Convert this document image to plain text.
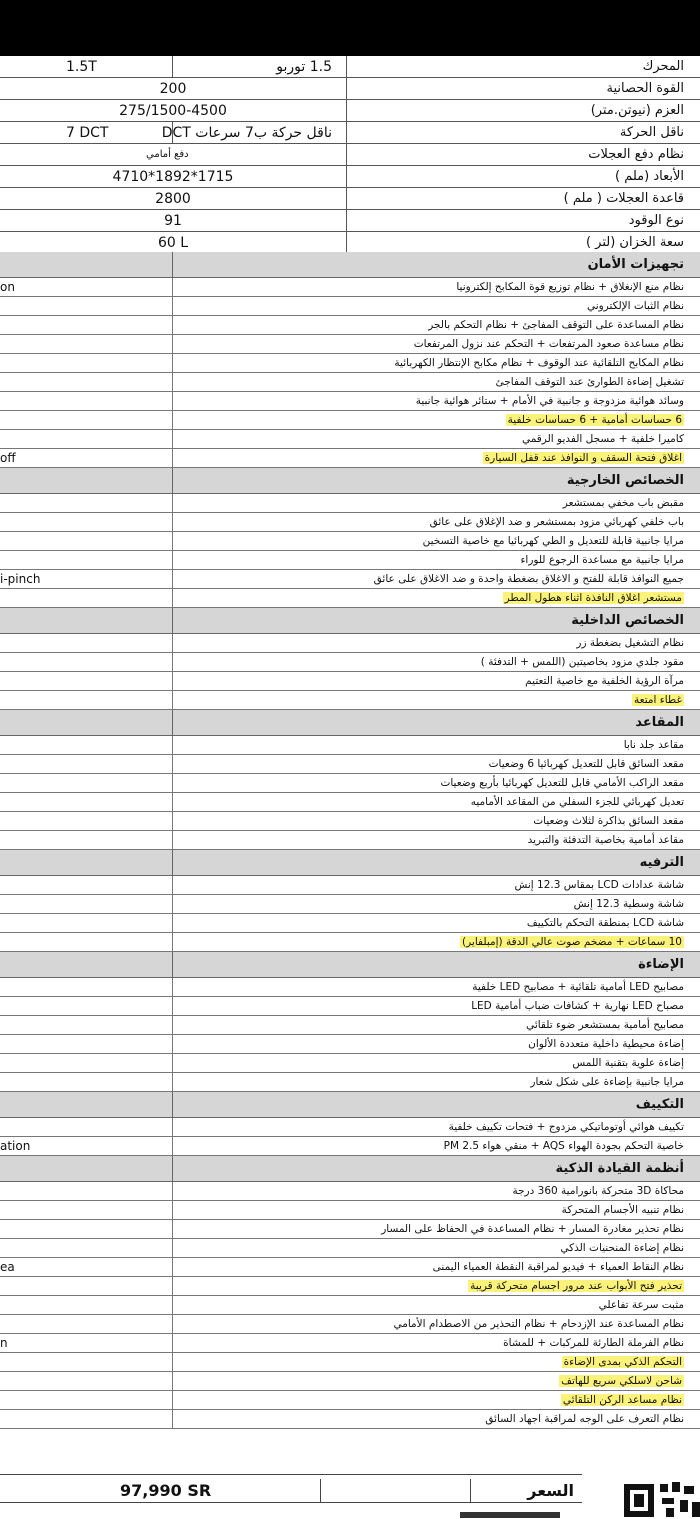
المحرك
1.5 توربو
1.5T
القوة الحصانية
200
العزم (نيوتن.متر)
275/1500-4500
ناقل الحركة
ناقل حركة ب7 سرعات DCT
7 DCT
نظام دفع العجلات
دفع أمامي
الأبعاد (ملم )
4710*1892*1715
قاعدة العجلات ( ملم )
2800
نوع الوقود
91
سعة الخزان (لتر )
60 L
تجهيزات الأمان
نظام منع الإنغلاق + نظام توزيع قوة المكابح إلكترونيا
on
نظام الثبات الإلكتروني
نظام المساعدة على التوقف المفاجئ + نظام التحكم بالجر
نظام مساعدة صعود المرتفعات + التحكم عند نزول المرتفعات
نظام المكابح التلقائية عند الوقوف + نظام مكابح الإنتظار الكهربائية
تشغيل إضاءة الطوارئ عند التوقف المفاجئ
وسائد هوائية مزدوجة و جانبية في الأمام + ستائر هوائية جانبية
6 حساسات أمامية + 6 حساسات خلفية
كاميرا خلفية + مسجل الفديو الرقمي
اغلاق فتحة السقف و النوافذ عند قفل السيارة
off
الخصائص الخارجية
مقبض باب مخفي بمستشعر
باب خلفي كهربائي مزود بمستشعر و ضد الإغلاق على عائق
مرايا جانبية قابلة للتعديل و الطي كهربائيا مع خاصية التسخين
مرايا جانبية مع مساعدة الرجوع للوراء
جميع النوافذ قابلة للفتح و الاغلاق بضغطة واحدة و ضد الاغلاق على عائق
i-pinch
مستشعر اغلاق النافذة اثناء هطول المطر
الخصائص الداخلية
نظام التشغيل بضغطة زر
مقود جلدي مزود بخاصيتين (اللمس + التدفئة )
مرآة الرؤية الخلفية مع خاصية التعتيم
غطاء امتعة
المقاعد
مقاعد جلد نابا
مقعد السائق قابل للتعديل كهربائيا 6 وضعيات
مقعد الراكب الأمامي قابل للتعديل كهربائيا بأربع وضعيات
تعديل كهربائي للجزء السفلي من المقاعد الأماميه
مقعد السائق بذاكرة لثلاث وضعيات
مقاعد أمامية بخاصية التدفئة والتبريد
الترفيه
شاشة عدادات LCD بمقاس 12.3 إنش
شاشة وسطية 12.3 إنش
شاشة LCD بمنطقة التحكم بالتكييف
10 سماعات + مضخم صوت عالي الدقة (إمبلفاير)
الإضاءة
مصابيح LED أمامية تلقائية + مصابيح LED خلفية
مصباح LED نهارية + كشافات ضباب أمامية LED
مصابيح أمامية بمستشعر ضوء تلقائي
إضاءة محيطية داخلية متعددة الألوان
إضاءة علوية بتقنية اللمس
مرايا جانبية بإضاءة على شكل شعار
التكييف
تكييف هوائي أوتوماتيكي مزدوج + فتحات تكييف خلفية
خاصية التحكم بجودة الهواء AQS + منقي هواء PM 2.5
ation
أنظمة القيادة الذكية
محاكاة 3D متحركة بانورامية 360 درجة
نظام تنبيه الأجسام المتحركة
نظام تحذير مغادرة المسار + نظام المساعدة في الحفاظ على المسار
نظام إضاءة المنحنيات الذكي
نظام النقاط العمياء + فيديو لمراقبة النقطة العمياء اليمنى
ea
تحذير فتح الأبواب عند مرور اجسام متحركة قريبة
مثبت سرعة تفاعلي
نظام المساعدة عند الإزدحام + نظام التحذير من الاصطدام الأمامي
نظام الفرملة الطارئة للمركبات + للمشاة
n
التحكم الذكي بمدى الإضاءة
شاحن لاسلكي سريع للهاتف
نظام مساعد الركن التلقائي
نظام التعرف على الوجه لمراقبة اجهاد السائق
97,990 SR	السعر
